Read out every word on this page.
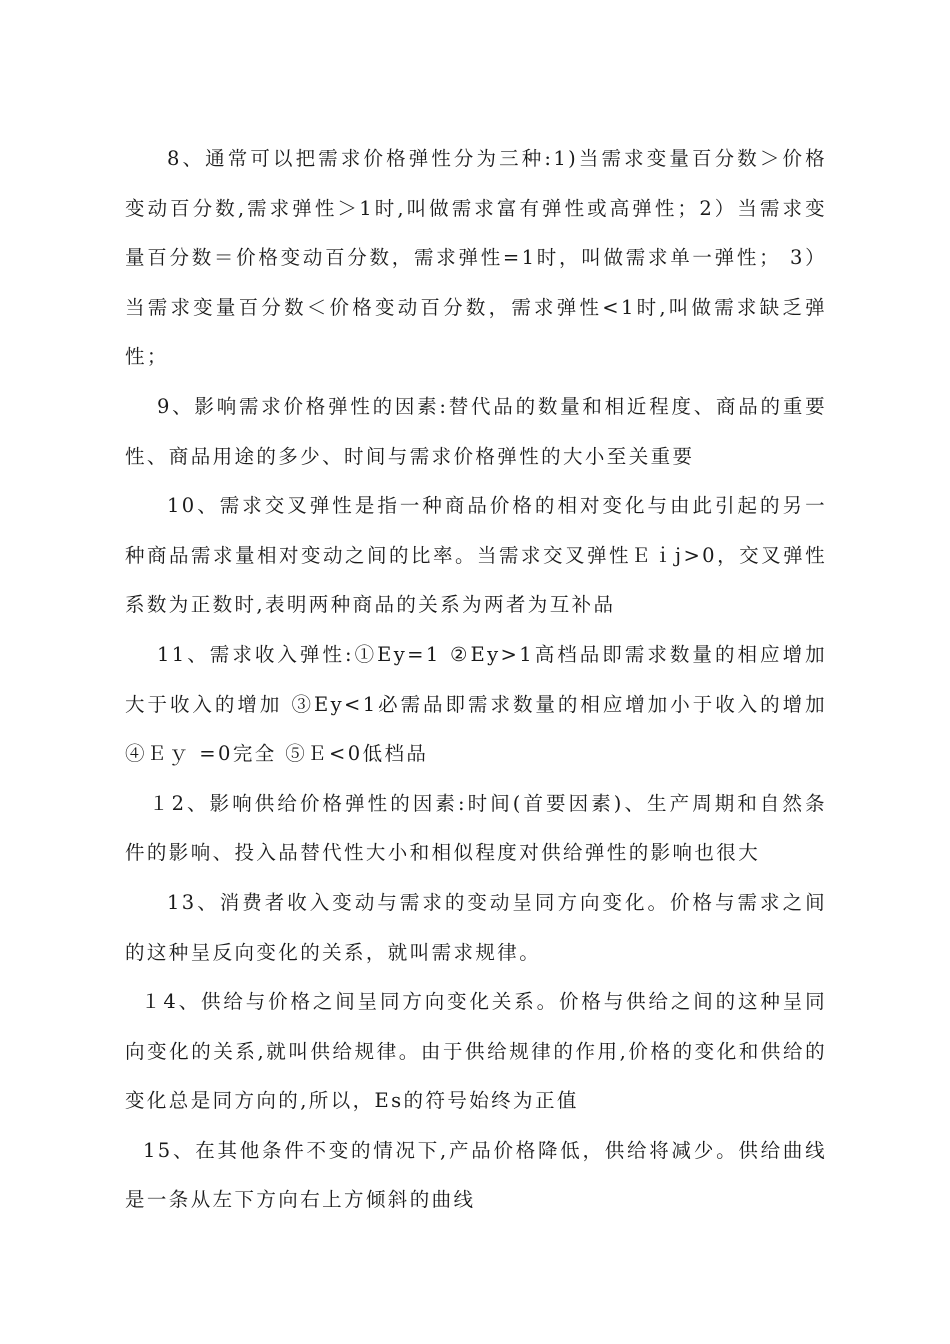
8、通常可以把需求价格弹性分为三种:1)当需求变量百分数＞价格变动百分数,需求弹性＞1时,叫做需求富有弹性或高弹性；2）当需求变量百分数＝价格变动百分数，需求弹性=1时，叫做需求单一弹性； 3）当需求变量百分数＜价格变动百分数，需求弹性<1时,叫做需求缺乏弹性；

9、影响需求价格弹性的因素:替代品的数量和相近程度、商品的重要性、商品用途的多少、时间与需求价格弹性的大小至关重要

10、需求交叉弹性是指一种商品价格的相对变化与由此引起的另一种商品需求量相对变动之间的比率。当需求交叉弹性Ｅｉj>0，交叉弹性系数为正数时,表明两种商品的关系为两者为互补品

11、需求收入弹性:①Ey=1 ②Ey>1高档品即需求数量的相应增加大于收入的增加 ③Ey<1必需品即需求数量的相应增加小于收入的增加 ④Ｅｙ =0完全 ⑤Ｅ<0低档品

１2、影响供给价格弹性的因素:时间(首要因素)、生产周期和自然条件的影响、投入品替代性大小和相似程度对供给弹性的影响也很大

13、消费者收入变动与需求的变动呈同方向变化。价格与需求之间的这种呈反向变化的关系，就叫需求规律。

１4、供给与价格之间呈同方向变化关系。价格与供给之间的这种呈同向变化的关系,就叫供给规律。由于供给规律的作用,价格的变化和供给的变化总是同方向的,所以，Es的符号始终为正值

15、在其他条件不变的情况下,产品价格降低，供给将减少。供给曲线是一条从左下方向右上方倾斜的曲线
